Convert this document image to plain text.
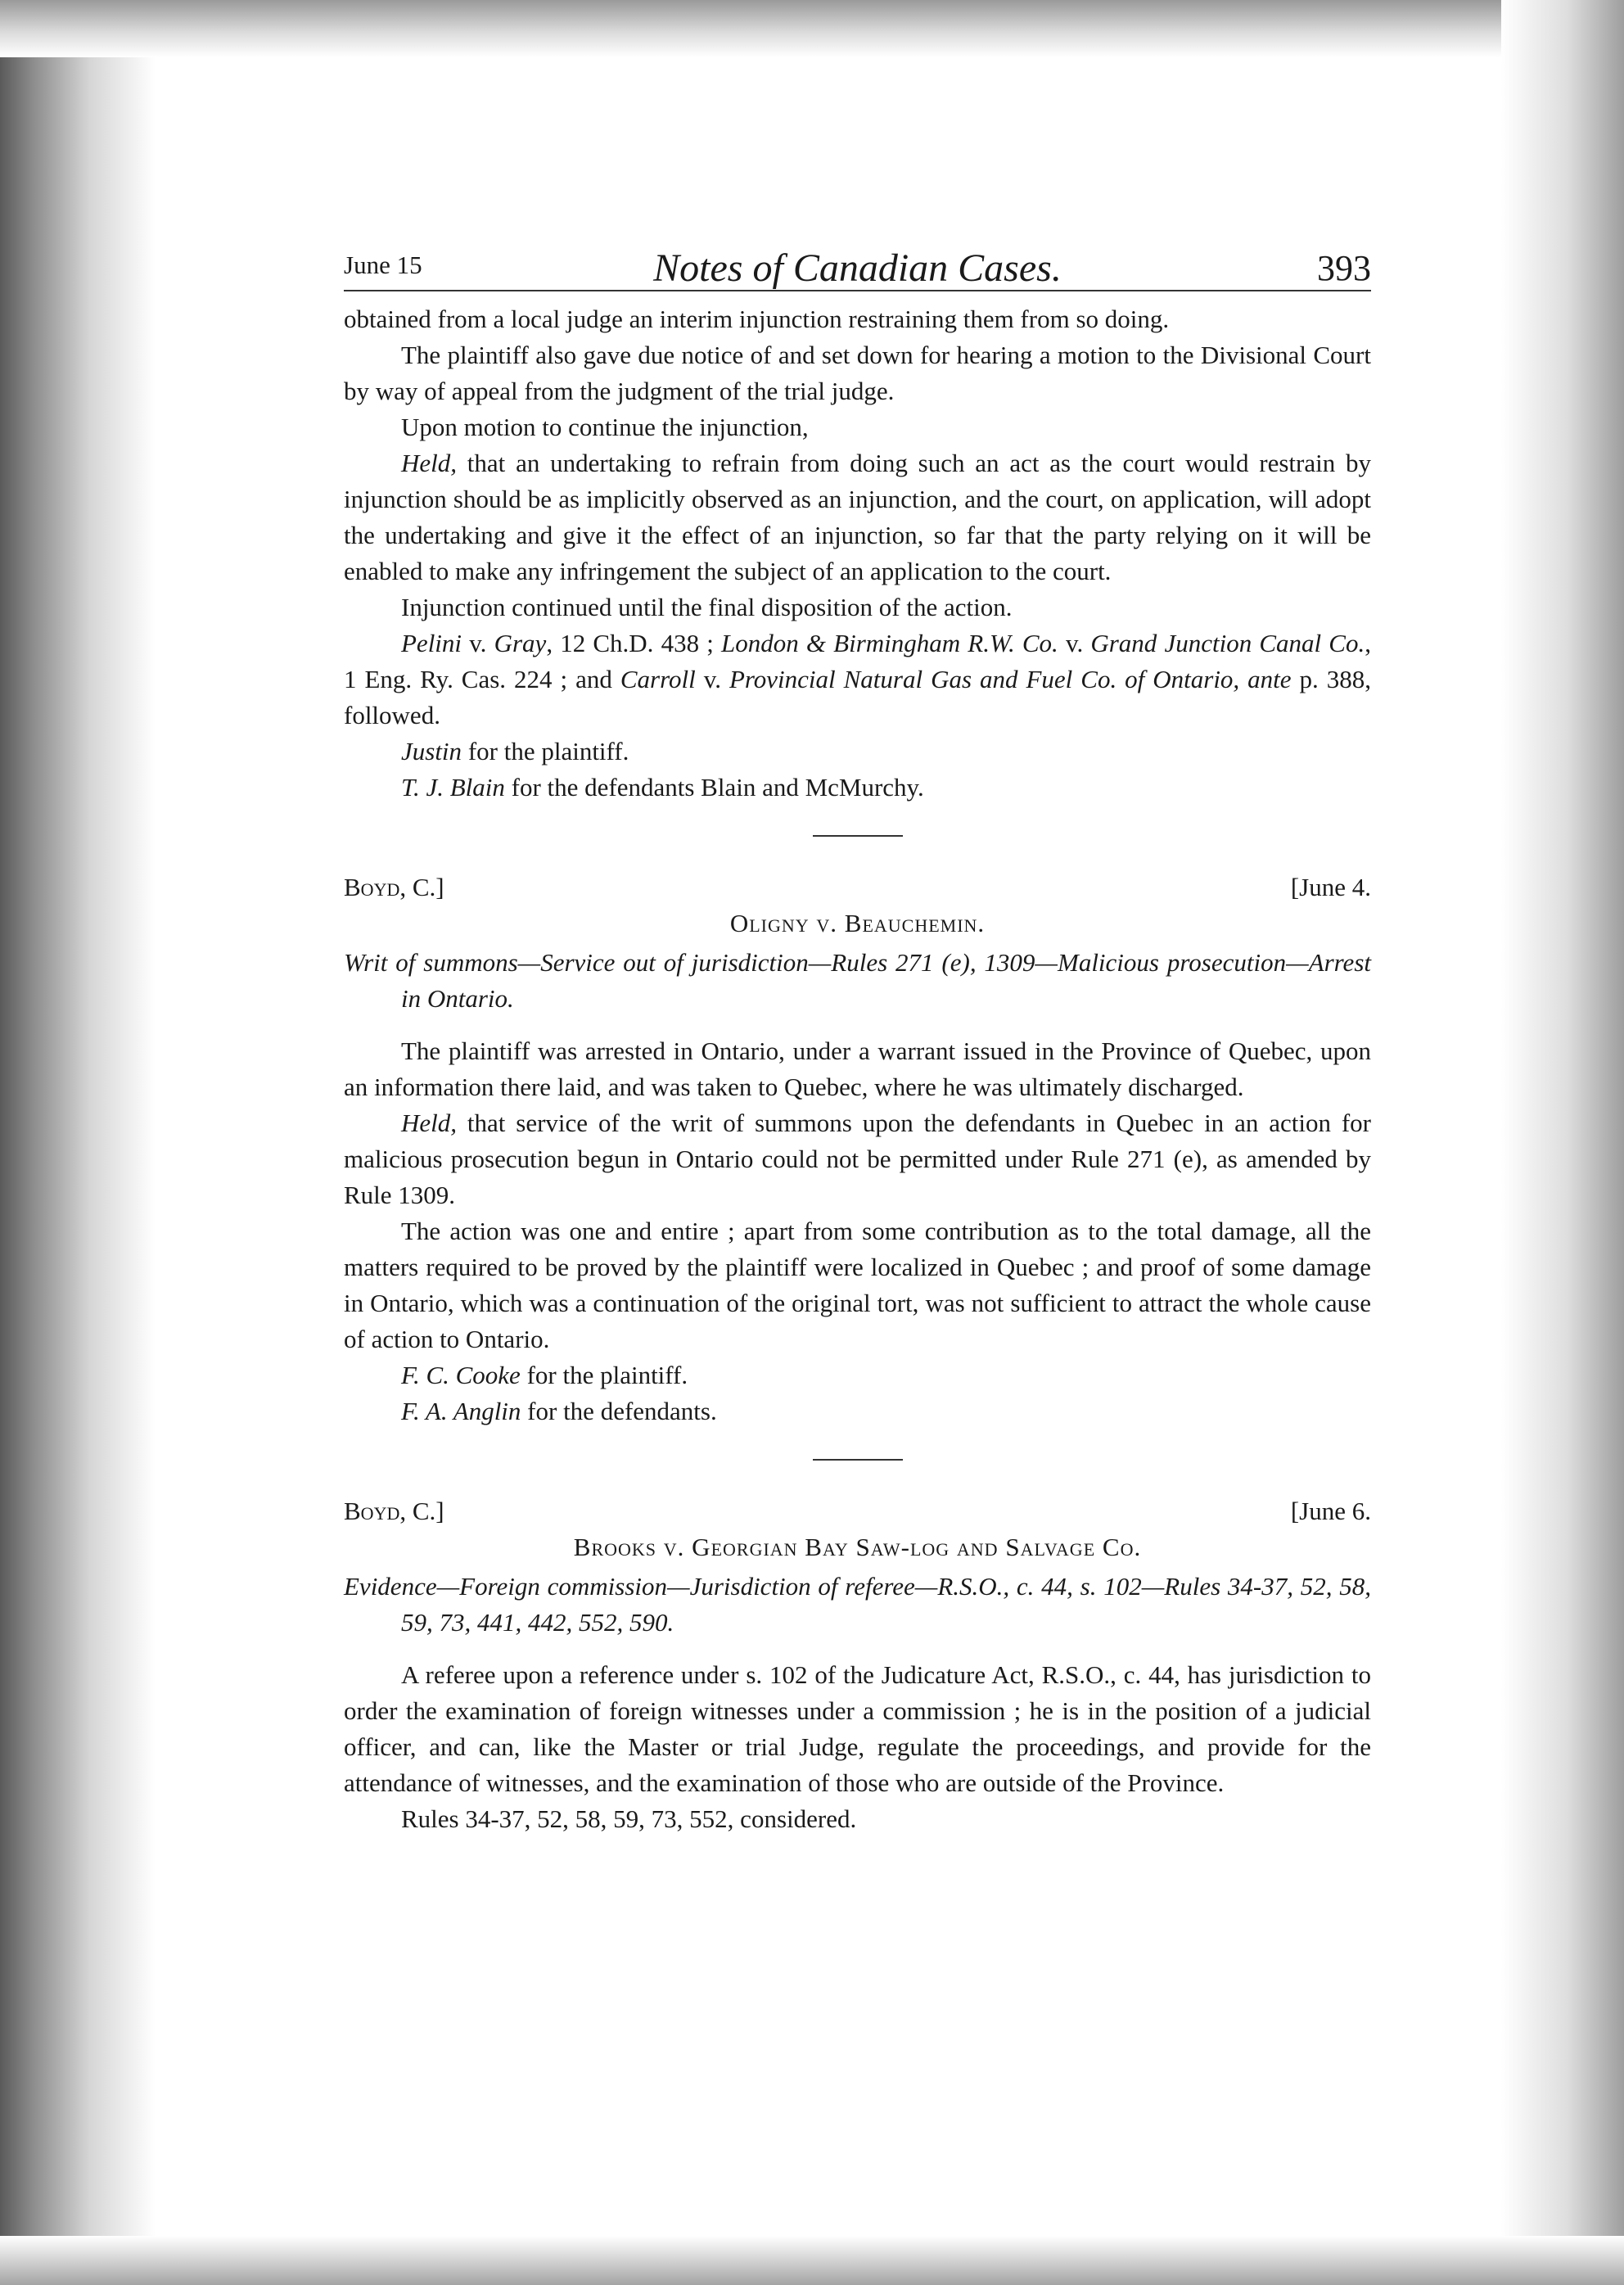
June 15	Notes of Canadian Cases.	393

obtained from a local judge an interim injunction restraining them from so doing.

The plaintiff also gave due notice of and set down for hearing a motion to the Divisional Court by way of appeal from the judgment of the trial judge.

Upon motion to continue the injunction,

Held, that an undertaking to refrain from doing such an act as the court would restrain by injunction should be as implicitly observed as an injunction, and the court, on application, will adopt the undertaking and give it the effect of an injunction, so far that the party relying on it will be enabled to make any infringement the subject of an application to the court.

Injunction continued until the final disposition of the action.

Pelini v. Gray, 12 Ch.D. 438 ; London & Birmingham R.W. Co. v. Grand Junction Canal Co., 1 Eng. Ry. Cas. 224 ; and Carroll v. Provincial Natural Gas and Fuel Co. of Ontario, ante p. 388, followed.

Justin for the plaintiff.

T. J. Blain for the defendants Blain and McMurchy.

Boyd, C.]	[June 4.
Oligny v. Beauchemin.

Writ of summons—Service out of jurisdiction—Rules 271 (e), 1309—Malicious prosecution—Arrest in Ontario.

The plaintiff was arrested in Ontario, under a warrant issued in the Province of Quebec, upon an information there laid, and was taken to Quebec, where he was ultimately discharged.

Held, that service of the writ of summons upon the defendants in Quebec in an action for malicious prosecution begun in Ontario could not be permitted under Rule 271 (e), as amended by Rule 1309.

The action was one and entire ; apart from some contribution as to the total damage, all the matters required to be proved by the plaintiff were localized in Quebec ; and proof of some damage in Ontario, which was a continuation of the original tort, was not sufficient to attract the whole cause of action to Ontario.

F. C. Cooke for the plaintiff.

F. A. Anglin for the defendants.

Boyd, C.]	[June 6.
Brooks v. Georgian Bay Saw-log and Salvage Co.

Evidence—Foreign commission—Jurisdiction of referee—R.S.O., c. 44, s. 102—Rules 34-37, 52, 58, 59, 73, 441, 442, 552, 590.

A referee upon a reference under s. 102 of the Judicature Act, R.S.O., c. 44, has jurisdiction to order the examination of foreign witnesses under a commission ; he is in the position of a judicial officer, and can, like the Master or trial Judge, regulate the proceedings, and provide for the attendance of witnesses, and the examination of those who are outside of the Province.

Rules 34-37, 52, 58, 59, 73, 552, considered.
